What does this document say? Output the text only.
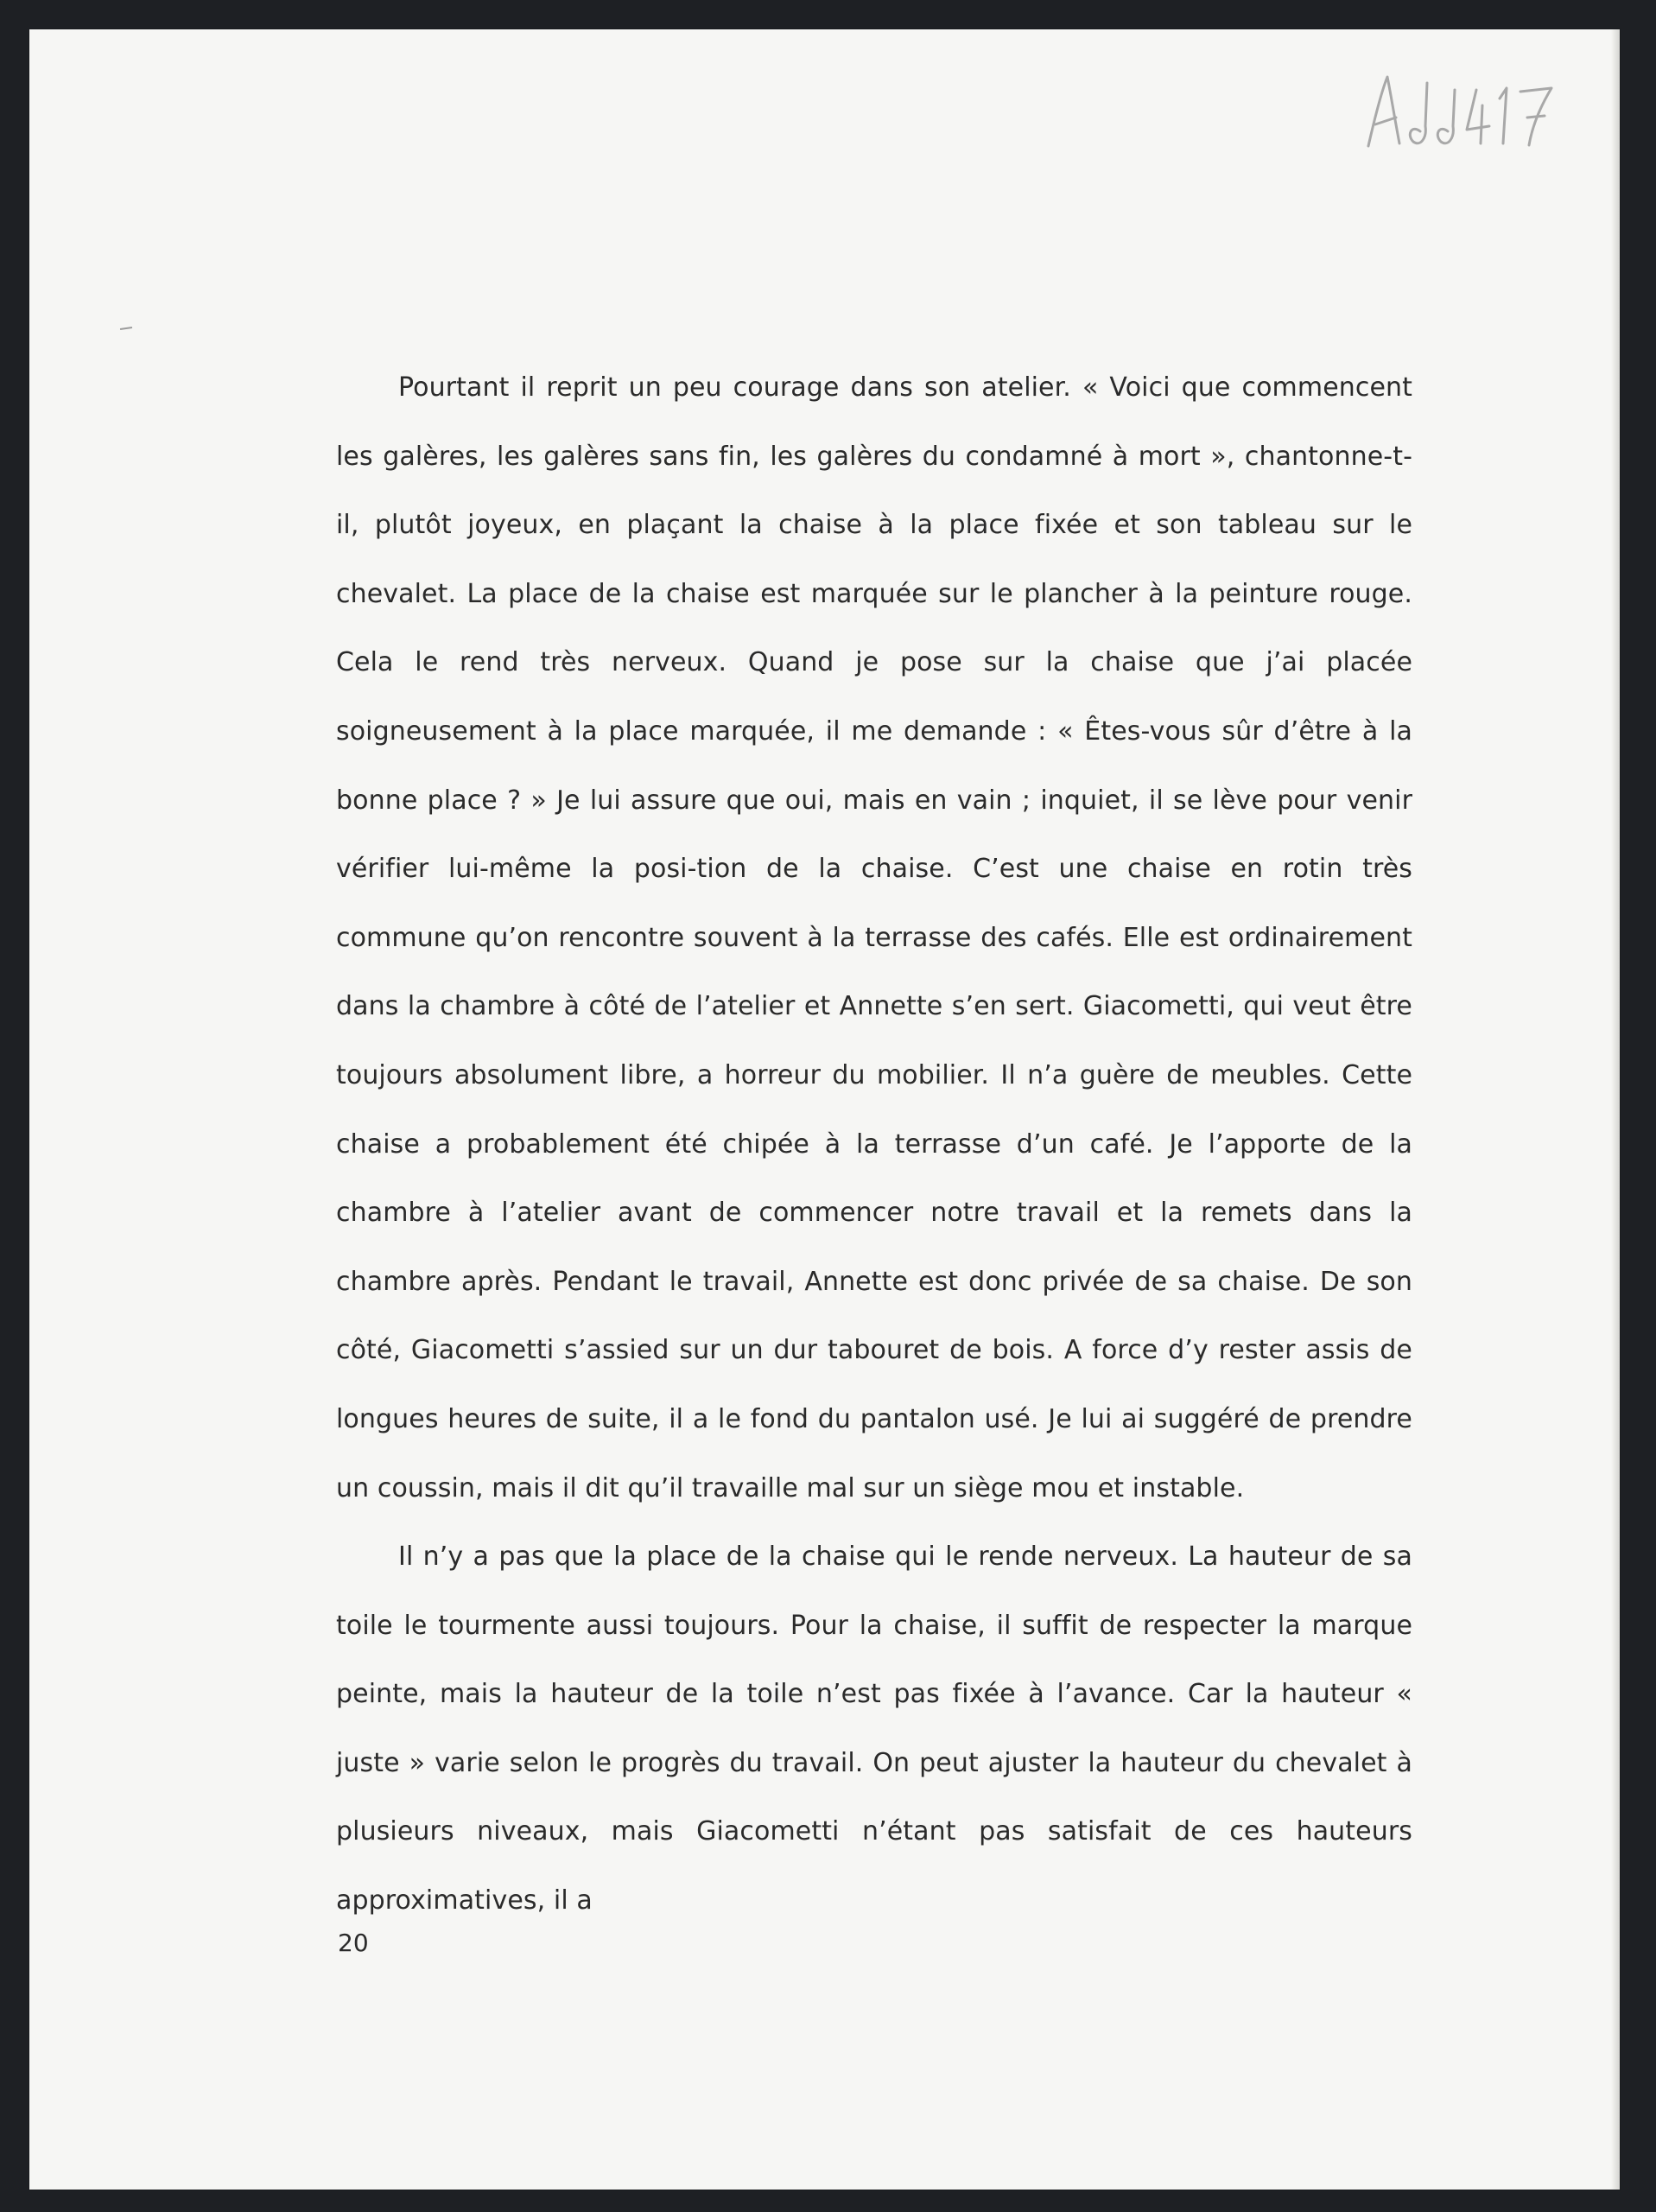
Pourtant il reprit un peu courage dans son atelier. « Voici que commencent les galères, les galères sans fin, les galères du condamné à mort », chantonne-t-il, plutôt joyeux, en plaçant la chaise à la place fixée et son tableau sur le chevalet. La place de la chaise est marquée sur le plancher à la peinture rouge. Cela le rend très nerveux. Quand je pose sur la chaise que j’ai placée soigneusement à la place marquée, il me demande : « Êtes-vous sûr d’être à la bonne place ? » Je lui assure que oui, mais en vain ; inquiet, il se lève pour venir vérifier lui-même la posi-tion de la chaise. C’est une chaise en rotin très commune qu’on rencontre souvent à la terrasse des cafés. Elle est ordinairement dans la chambre à côté de l’atelier et Annette s’en sert. Giacometti, qui veut être toujours absolument libre, a horreur du mobilier. Il n’a guère de meubles. Cette chaise a probablement été chipée à la terrasse d’un café. Je l’apporte de la chambre à l’atelier avant de commencer notre travail et la remets dans la chambre après. Pendant le travail, Annette est donc privée de sa chaise. De son côté, Giacometti s’assied sur un dur tabouret de bois. A force d’y rester assis de longues heures de suite, il a le fond du pantalon usé. Je lui ai suggéré de prendre un coussin, mais il dit qu’il travaille mal sur un siège mou et instable.

Il n’y a pas que la place de la chaise qui le rende nerveux. La hauteur de sa toile le tourmente aussi toujours. Pour la chaise, il suffit de respecter la marque peinte, mais la hauteur de la toile n’est pas fixée à l’avance. Car la hauteur « juste » varie selon le progrès du travail. On peut ajuster la hauteur du chevalet à plusieurs niveaux, mais Giacometti n’étant pas satisfait de ces hauteurs approximatives, il a

20
